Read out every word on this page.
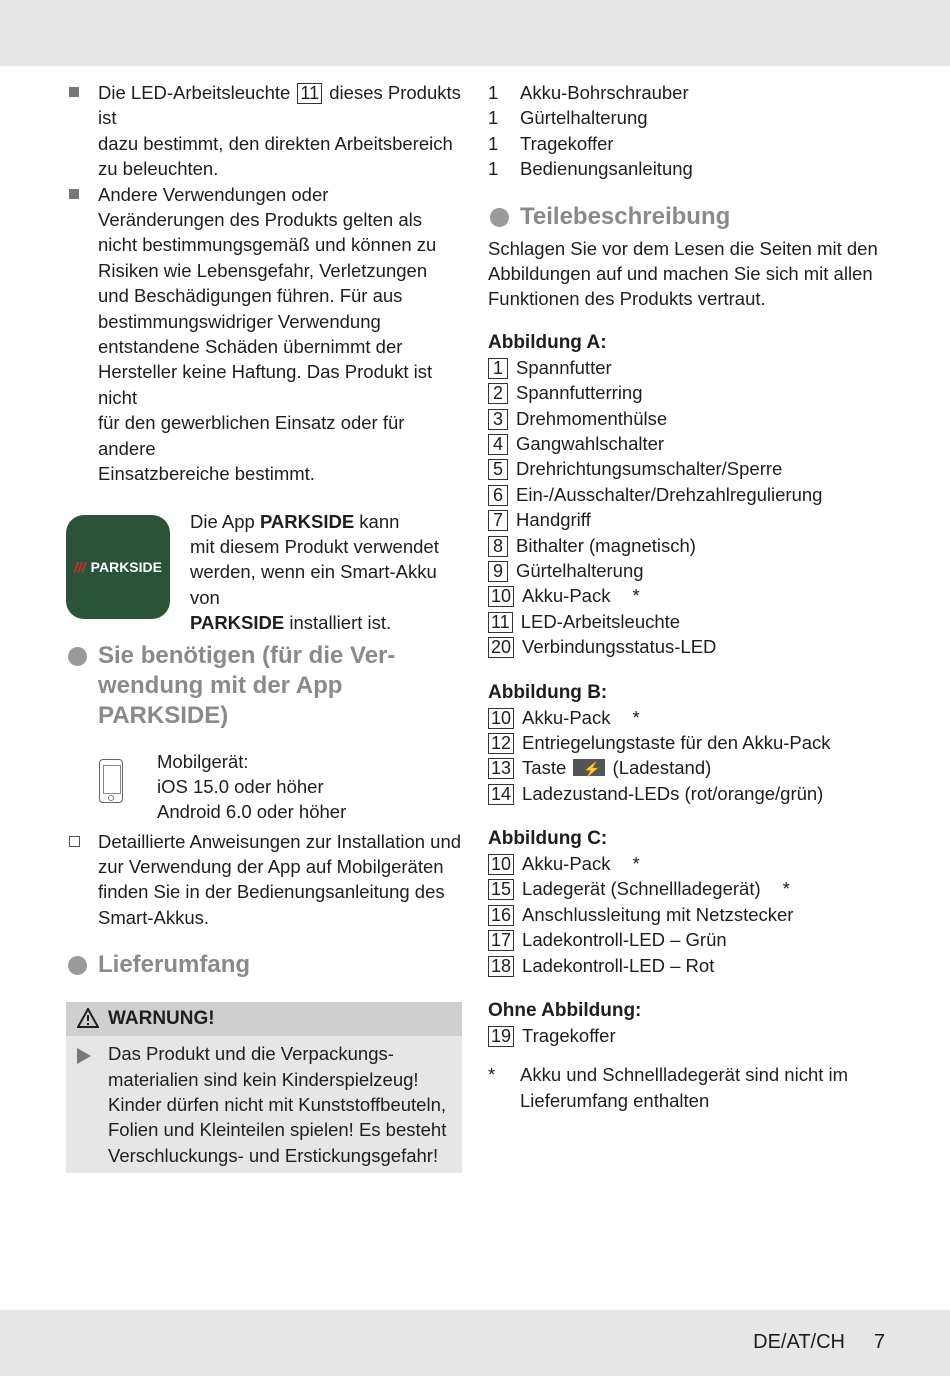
Die LED-Arbeitsleuchte 11 dieses Produkts ist
dazu bestimmt, den direkten Arbeitsbereich
zu beleuchten.
Andere Verwendungen oder
Veränderungen des Produkts gelten als
nicht bestimmungsgemäß und können zu
Risiken wie Lebensgefahr, Verletzungen
und Beschädigungen führen. Für aus
bestimmungswidriger Verwendung
entstandene Schäden übernimmt der
Hersteller keine Haftung. Das Produkt ist nicht
für den gewerblichen Einsatz oder für andere
Einsatzbereiche bestimmt.
/// PARKSIDE
Die App PARKSIDE kann
mit diesem Produkt verwendet
werden, wenn ein Smart-Akku von
PARKSIDE installiert ist.
Sie benötigen (für die Ver-
wendung mit der App
PARKSIDE)
Mobilgerät:
iOS 15.0 oder höher
Android 6.0 oder höher
Detaillierte Anweisungen zur Installation und
zur Verwendung der App auf Mobilgeräten
finden Sie in der Bedienungsanleitung des
Smart-Akkus.
Lieferumfang
WARNUNG!
Das Produkt und die Verpackungs-
materialien sind kein Kinderspielzeug!
Kinder dürfen nicht mit Kunststoffbeuteln,
Folien und Kleinteilen spielen! Es besteht
Verschluckungs- und Erstickungsgefahr!
1 Akku-Bohrschrauber
1 Gürtelhalterung
1 Tragekoffer
1 Bedienungsanleitung
Teilebeschreibung
Schlagen Sie vor dem Lesen die Seiten mit den
Abbildungen auf und machen Sie sich mit allen
Funktionen des Produkts vertraut.
Abbildung A:
1 Spannfutter
2 Spannfutterring
3 Drehmomenthülse
4 Gangwahlschalter
5 Drehrichtungsumschalter/Sperre
6 Ein-/Ausschalter/Drehzahlregulierung
7 Handgriff
8 Bithalter (magnetisch)
9 Gürtelhalterung
10 Akku-Pack *
11 LED-Arbeitsleuchte
20 Verbindungsstatus-LED
Abbildung B:
10 Akku-Pack *
12 Entriegelungstaste für den Akku-Pack
13 Taste ⚡	(Ladestand)
14 Ladezustand-LEDs (rot/orange/grün)
Abbildung C:
10 Akku-Pack *
15 Ladegerät (Schnellladegerät) *
16 Anschlussleitung mit Netzstecker
17 Ladekontroll-LED – Grün
18 Ladekontroll-LED – Rot
Ohne Abbildung:
19 Tragekoffer
* Akku und Schnellladegerät sind nicht im
Lieferumfang enthalten
DE/AT/CH 7
